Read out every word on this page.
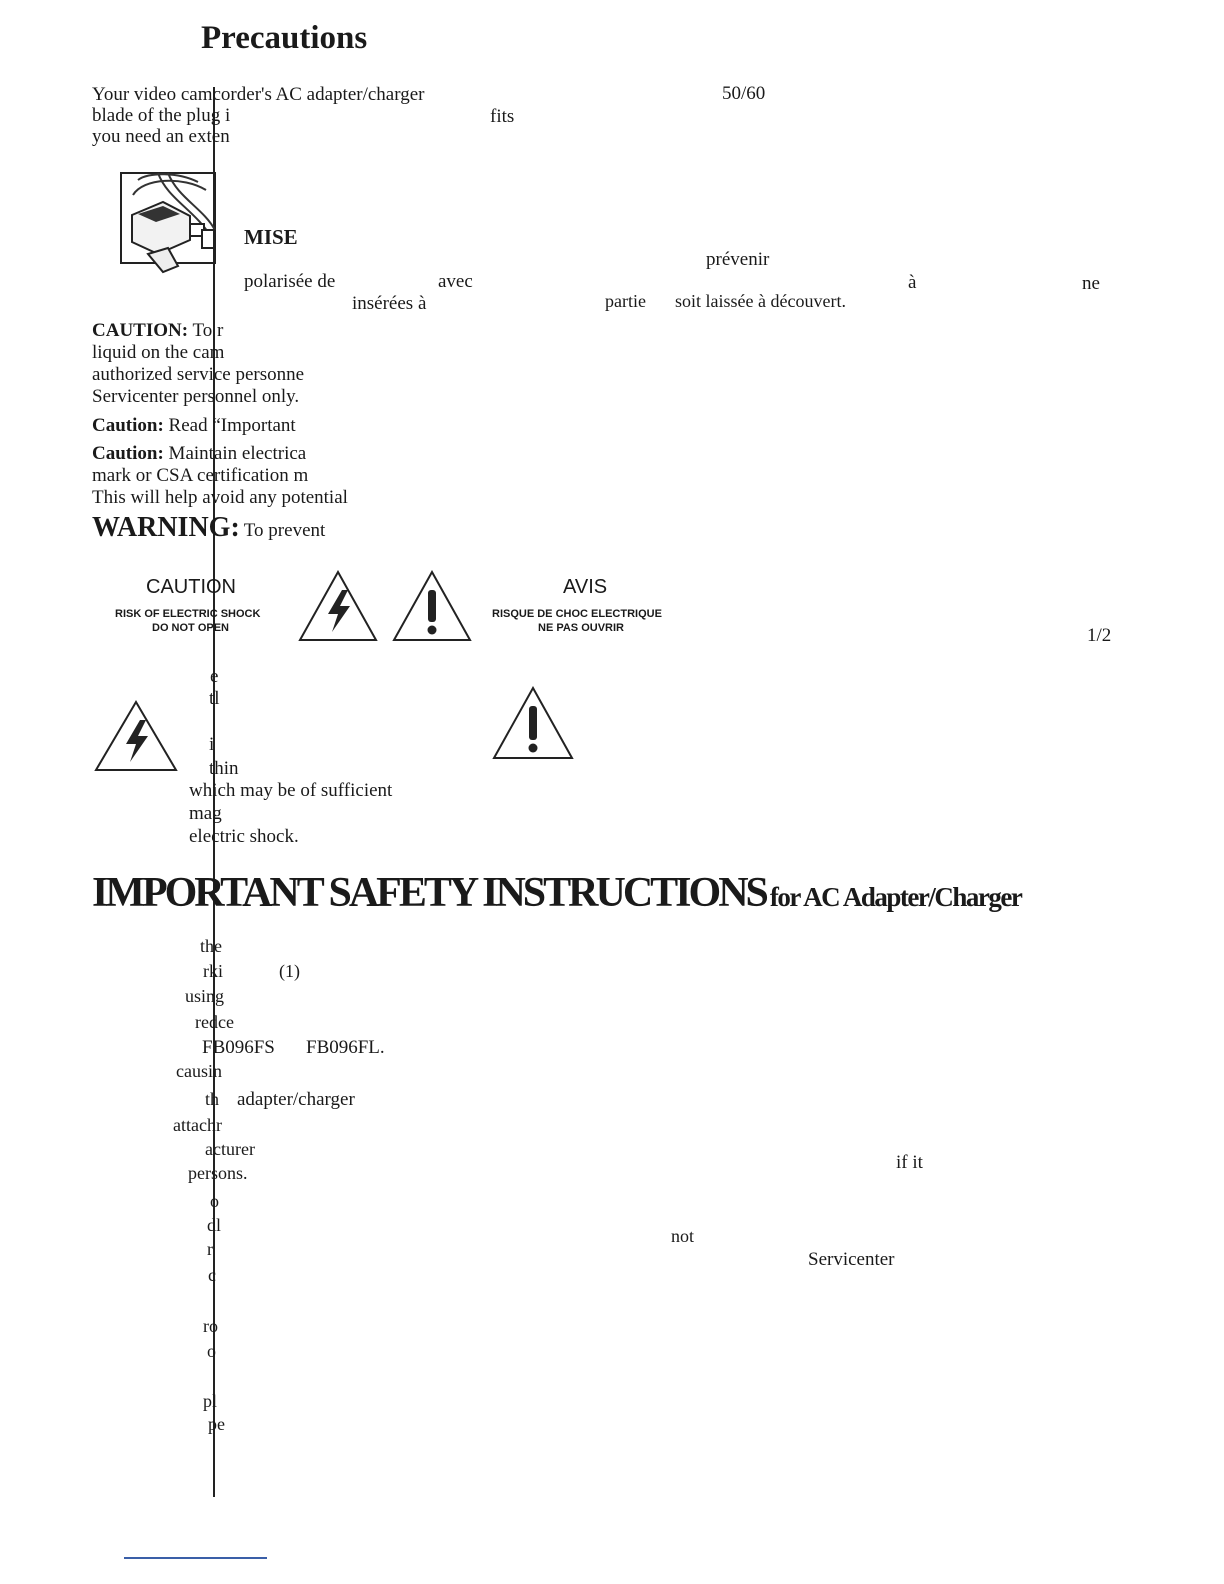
Precautions
Your video camcorder's AC adapter/charger	50/60
blade of the plug i	fits
you need an exten
MISE
prévenir
polarisée de	avec	à	ne
insérées à	partie soit laissée à découvert.
CAUTION: To r
liquid on the cam
authorized service personne
Servicenter personnel only.
Caution: Read “Important
Caution: Maintain electrica
mark or CSA certification m
This will help avoid any potential
WARNING: To prevent
CAUTION
RISK OF ELECTRIC SHOCK
DO NOT OPEN
AVIS
RISQUE DE CHOC ELECTRIQUE
NE PAS OUVRIR	1/2
e
tl
i
thin
which may be of sufficient
mag
electric shock.
IMPORTANT SAFETY INSTRUCTIONS for AC Adapter/Charger
the
rki	(1)
using
redce
FB096FS FB096FL.
causin
th adapter/charger
attachr
acturer
persons.	if it
o
dl
not
r	Servicenter
c
ro
o
pl
pe
